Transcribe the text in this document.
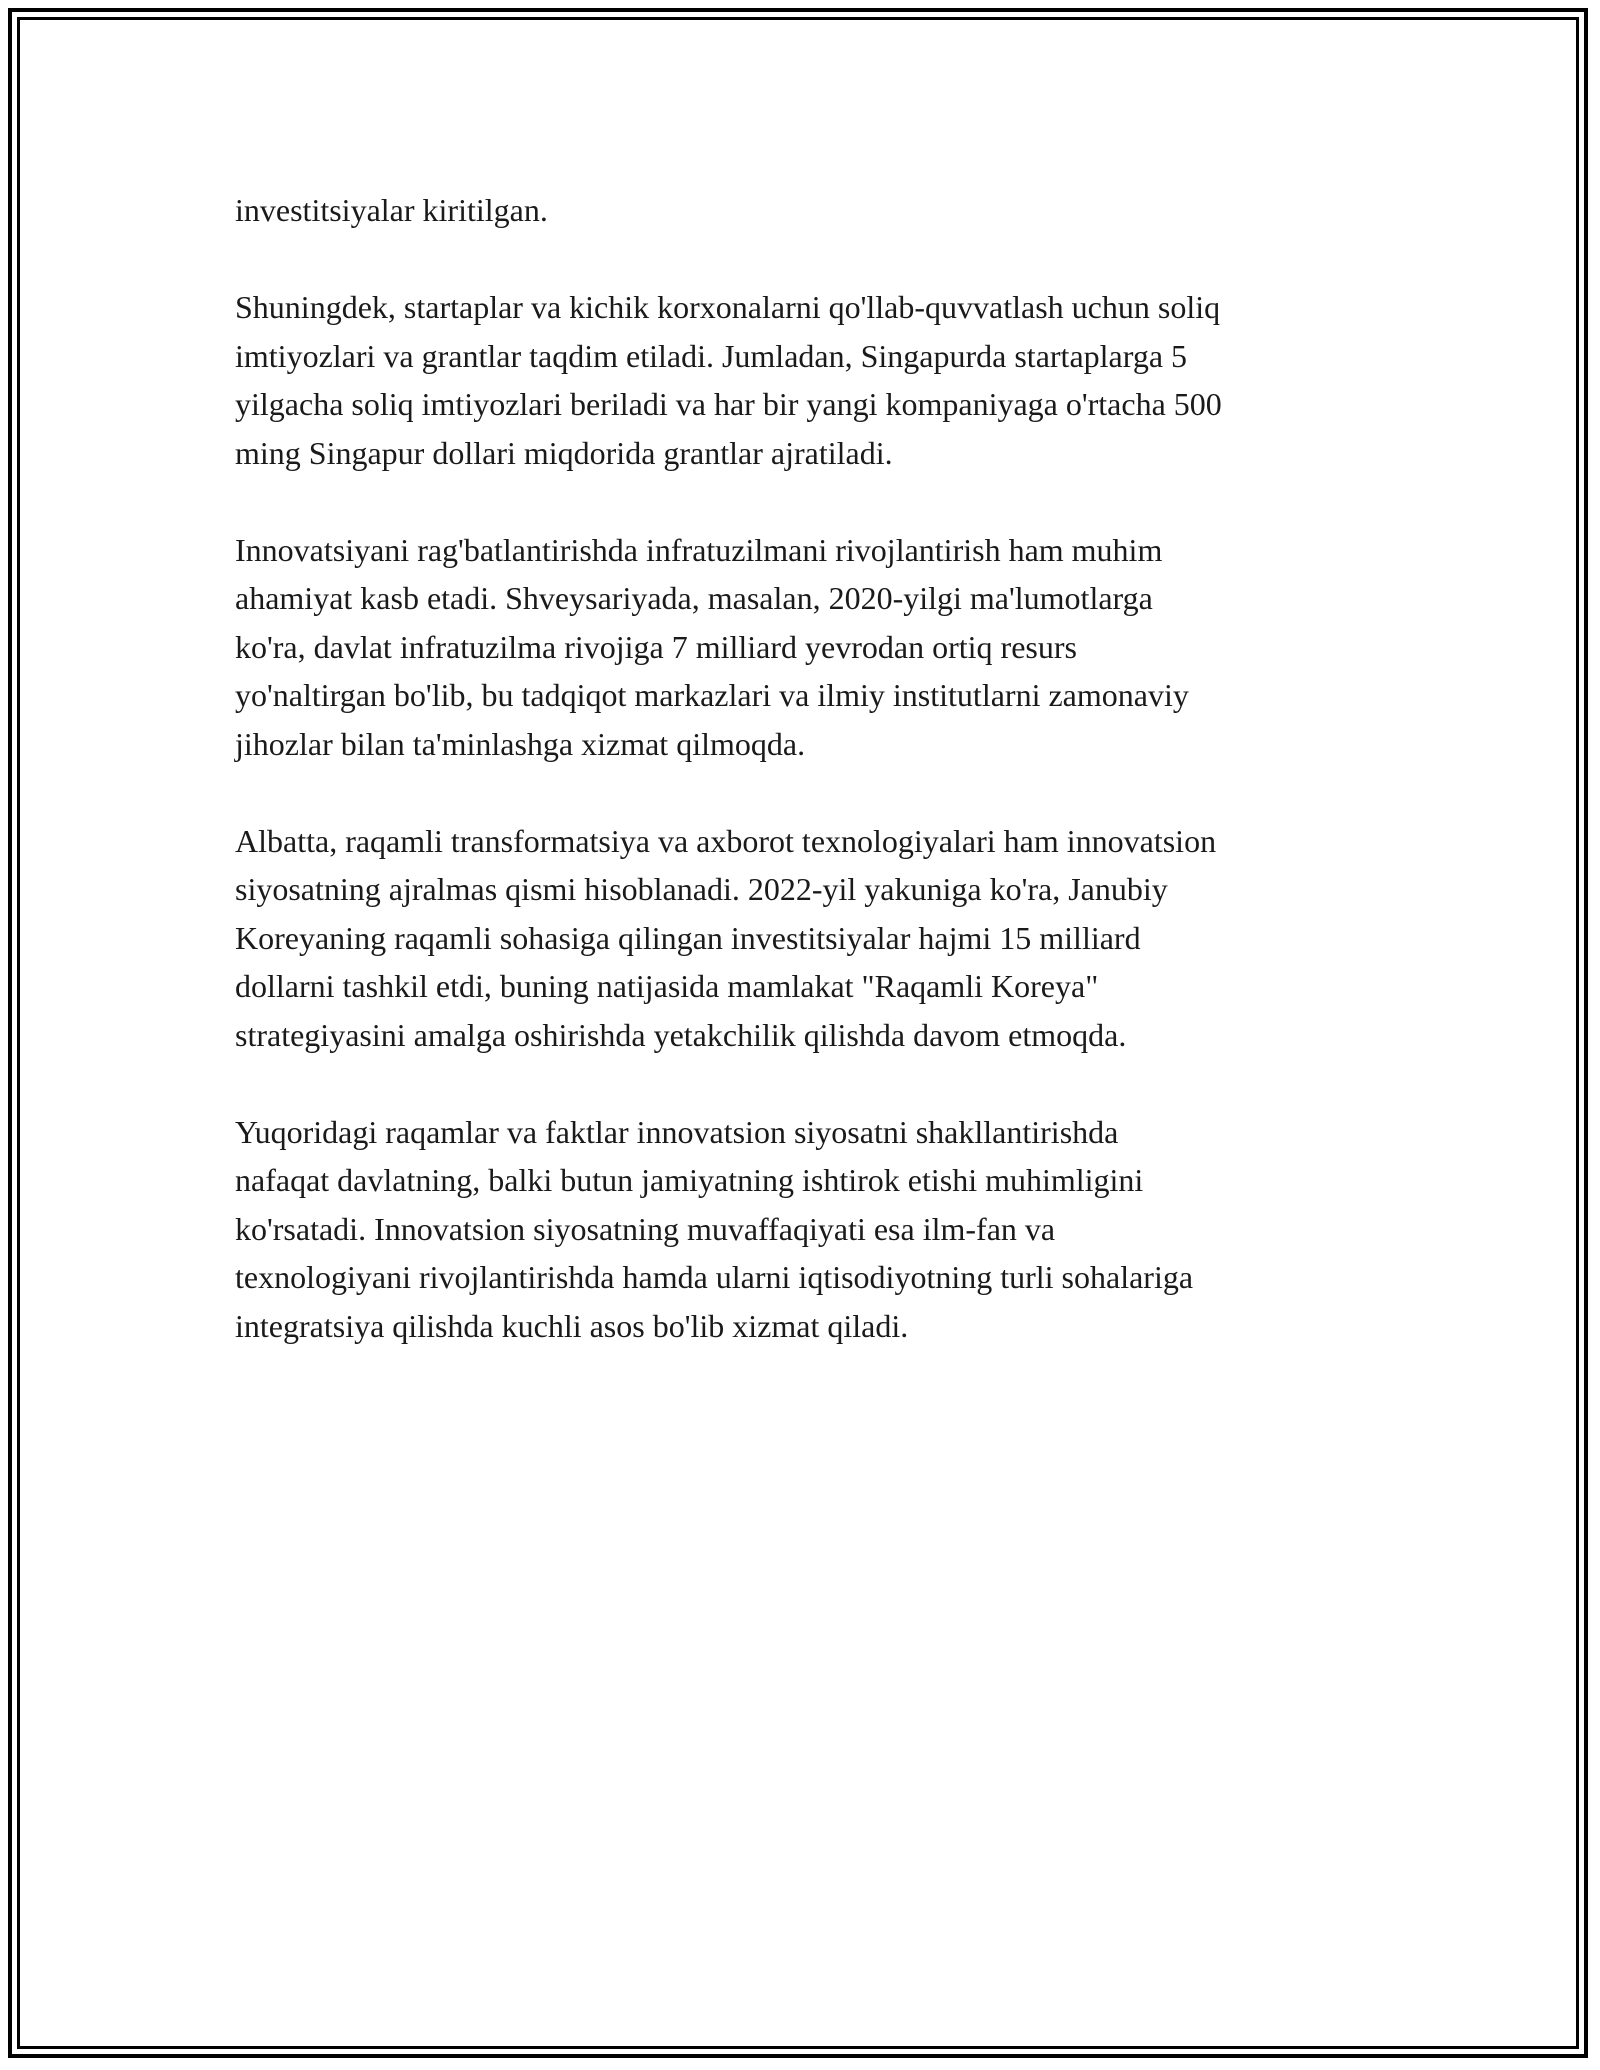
investitsiyalar kiritilgan.

Shuningdek, startaplar va kichik korxonalarni qo'llab-quvvatlash uchun soliq
imtiyozlari va grantlar taqdim etiladi. Jumladan, Singapurda startaplarga 5
yilgacha soliq imtiyozlari beriladi va har bir yangi kompaniyaga o'rtacha 500
ming Singapur dollari miqdorida grantlar ajratiladi.

Innovatsiyani rag'batlantirishda infratuzilmani rivojlantirish ham muhim
ahamiyat kasb etadi. Shveysariyada, masalan, 2020-yilgi ma'lumotlarga
ko'ra, davlat infratuzilma rivojiga 7 milliard yevrodan ortiq resurs
yo'naltirgan bo'lib, bu tadqiqot markazlari va ilmiy institutlarni zamonaviy
jihozlar bilan ta'minlashga xizmat qilmoqda.

Albatta, raqamli transformatsiya va axborot texnologiyalari ham innovatsion
siyosatning ajralmas qismi hisoblanadi. 2022-yil yakuniga ko'ra, Janubiy
Koreyaning raqamli sohasiga qilingan investitsiyalar hajmi 15 milliard
dollarni tashkil etdi, buning natijasida mamlakat "Raqamli Koreya"
strategiyasini amalga oshirishda yetakchilik qilishda davom etmoqda.

Yuqoridagi raqamlar va faktlar innovatsion siyosatni shakllantirishda
nafaqat davlatning, balki butun jamiyatning ishtirok etishi muhimligini
ko'rsatadi. Innovatsion siyosatning muvaffaqiyati esa ilm-fan va
texnologiyani rivojlantirishda hamda ularni iqtisodiyotning turli sohalariga
integratsiya qilishda kuchli asos bo'lib xizmat qiladi.
